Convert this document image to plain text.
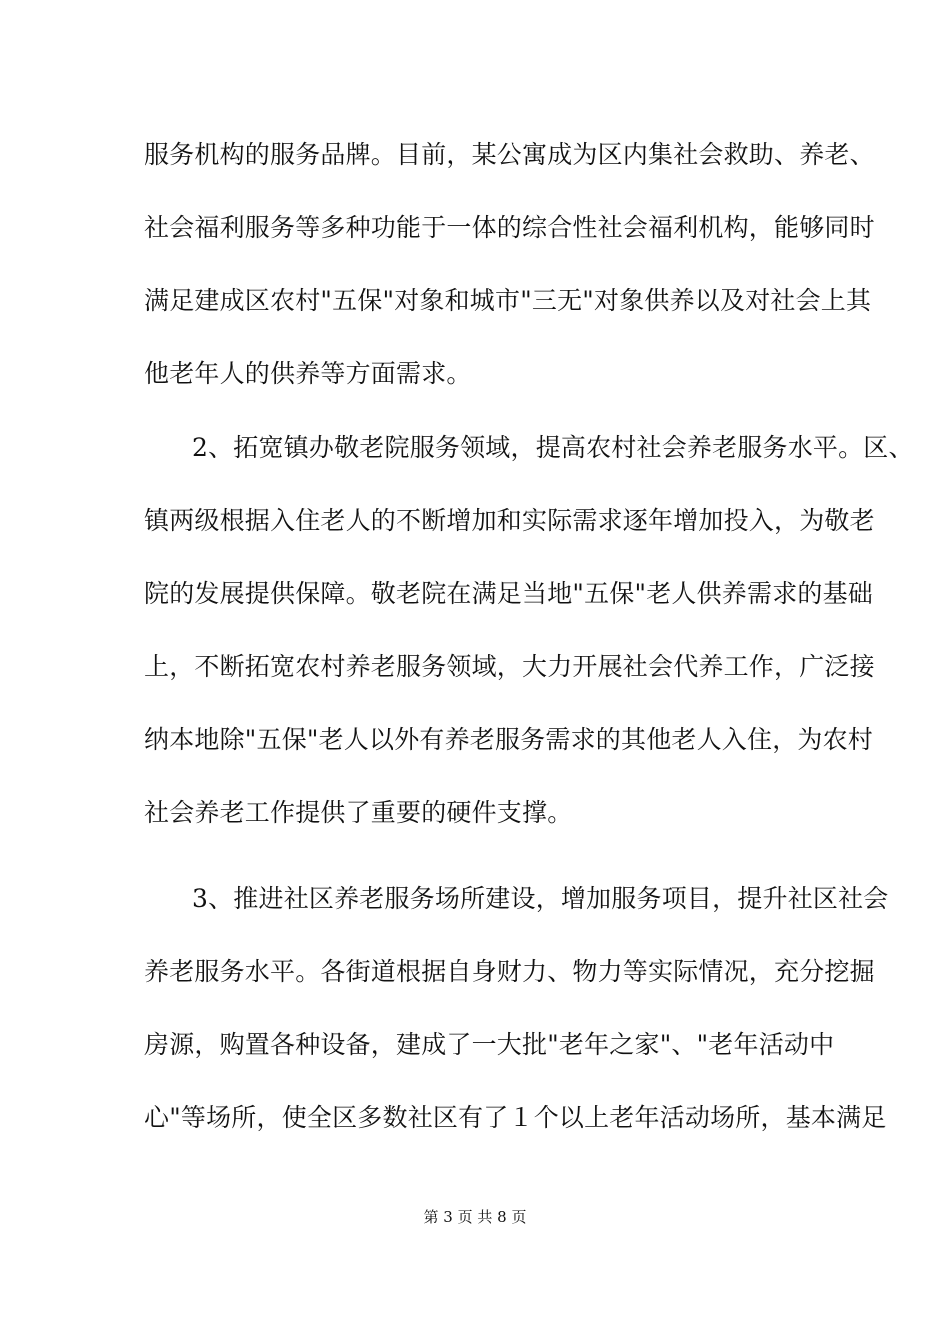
服务机构的服务品牌。目前，某公寓成为区内集社会救助、养老、
社会福利服务等多种功能于一体的综合性社会福利机构，能够同时
满足建成区农村"五保"对象和城市"三无"对象供养以及对社会上其
他老年人的供养等方面需求。
2、拓宽镇办敬老院服务领域，提高农村社会养老服务水平。区、
镇两级根据入住老人的不断增加和实际需求逐年增加投入，为敬老
院的发展提供保障。敬老院在满足当地"五保"老人供养需求的基础
上，不断拓宽农村养老服务领域，大力开展社会代养工作，广泛接
纳本地除"五保"老人以外有养老服务需求的其他老人入住，为农村
社会养老工作提供了重要的硬件支撑。
3、推进社区养老服务场所建设，增加服务项目，提升社区社会
养老服务水平。各街道根据自身财力、物力等实际情况，充分挖掘
房源，购置各种设备，建成了一大批"老年之家"、"老年活动中
心"等场所，使全区多数社区有了１个以上老年活动场所，基本满足
第 3 页 共 8 页
